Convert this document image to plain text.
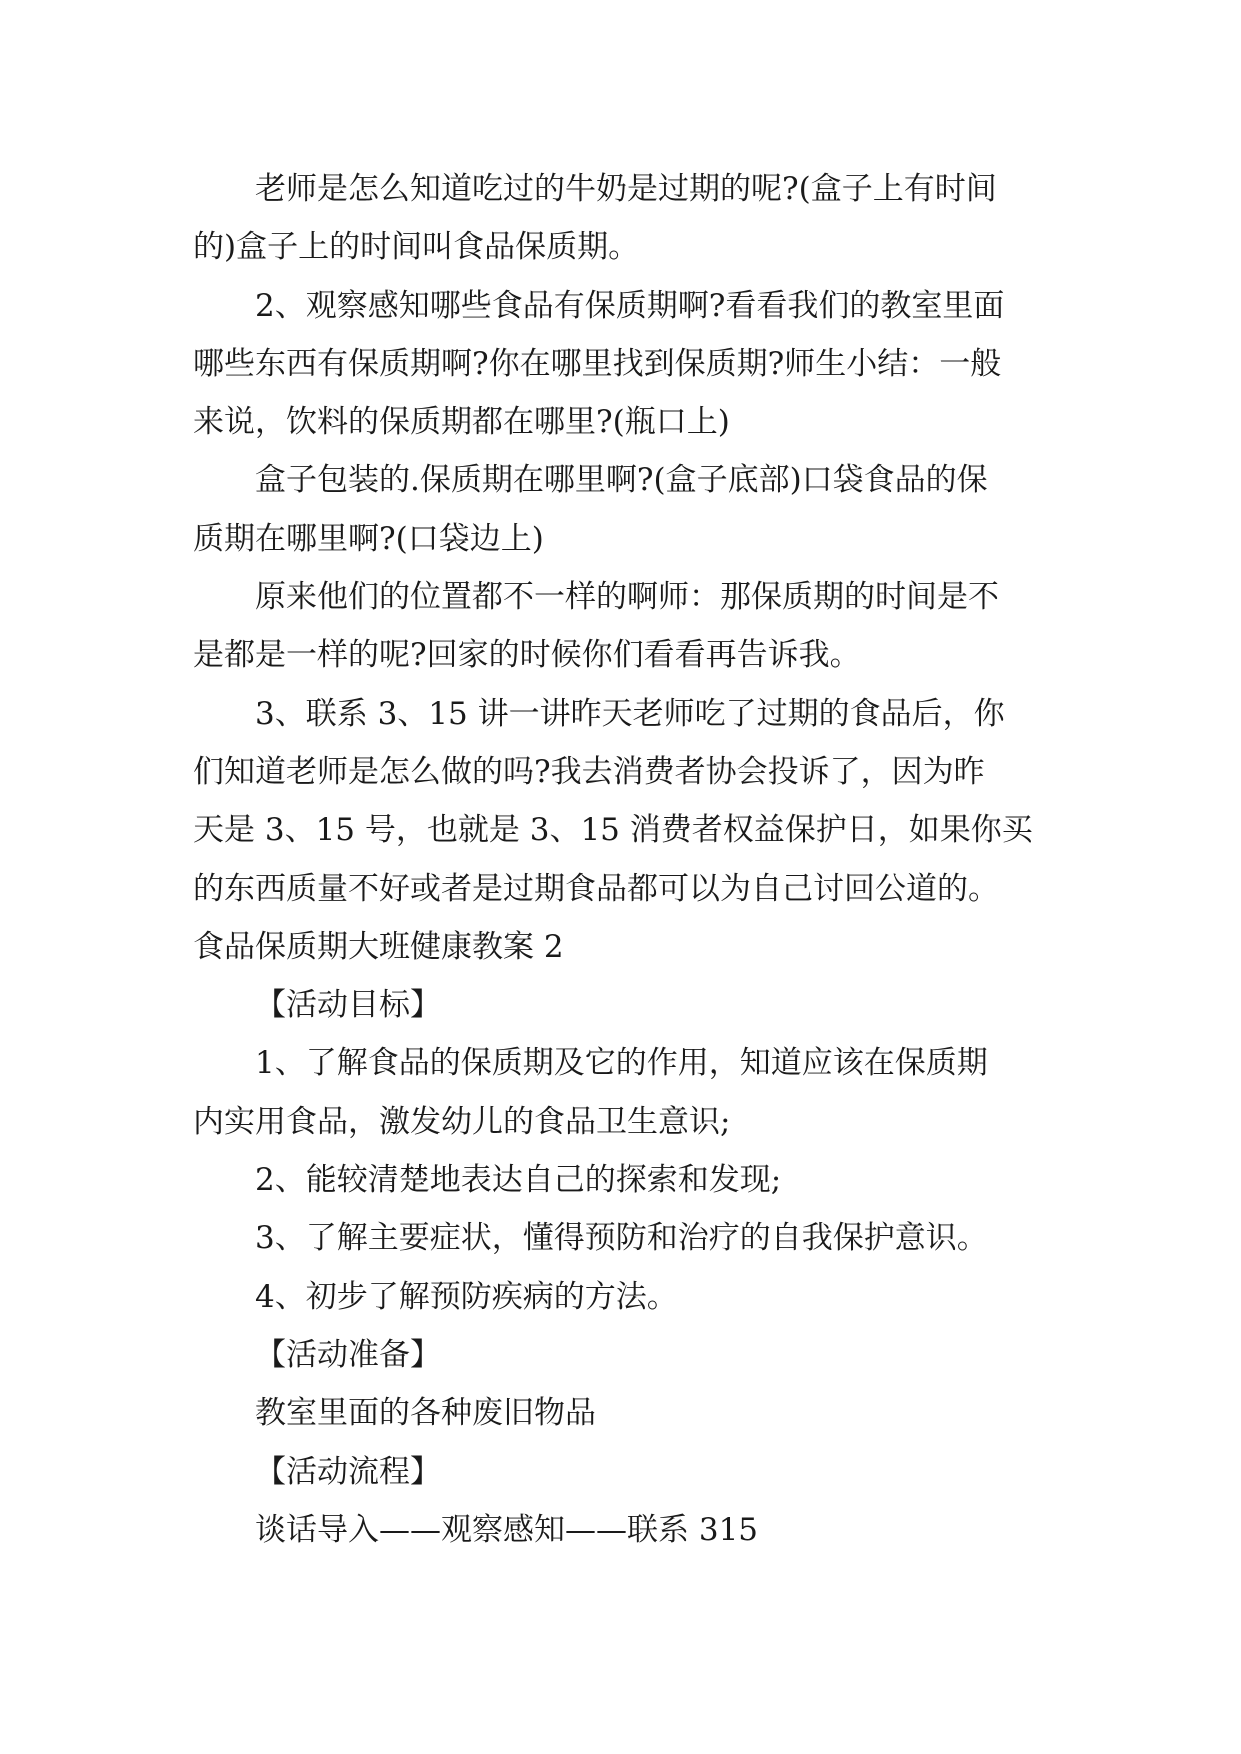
老师是怎么知道吃过的牛奶是过期的呢?(盒子上有时间

的)盒子上的时间叫食品保质期。

2、观察感知哪些食品有保质期啊?看看我们的教室里面

哪些东西有保质期啊?你在哪里找到保质期?师生小结：一般

来说，饮料的保质期都在哪里?(瓶口上)

盒子包装的.保质期在哪里啊?(盒子底部)口袋食品的保

质期在哪里啊?(口袋边上)

原来他们的位置都不一样的啊师：那保质期的时间是不

是都是一样的呢?回家的时候你们看看再告诉我。

3、联系 3、15 讲一讲昨天老师吃了过期的食品后，你

们知道老师是怎么做的吗?我去消费者协会投诉了，因为昨

天是 3、15 号，也就是 3、15 消费者权益保护日，如果你买

的东西质量不好或者是过期食品都可以为自己讨回公道的。

食品保质期大班健康教案 2

【活动目标】

1、了解食品的保质期及它的作用，知道应该在保质期

内实用食品，激发幼儿的食品卫生意识;

2、能较清楚地表达自己的探索和发现;

3、了解主要症状，懂得预防和治疗的自我保护意识。

4、初步了解预防疾病的方法。

【活动准备】

教室里面的各种废旧物品

【活动流程】

谈话导入——观察感知——联系 315
